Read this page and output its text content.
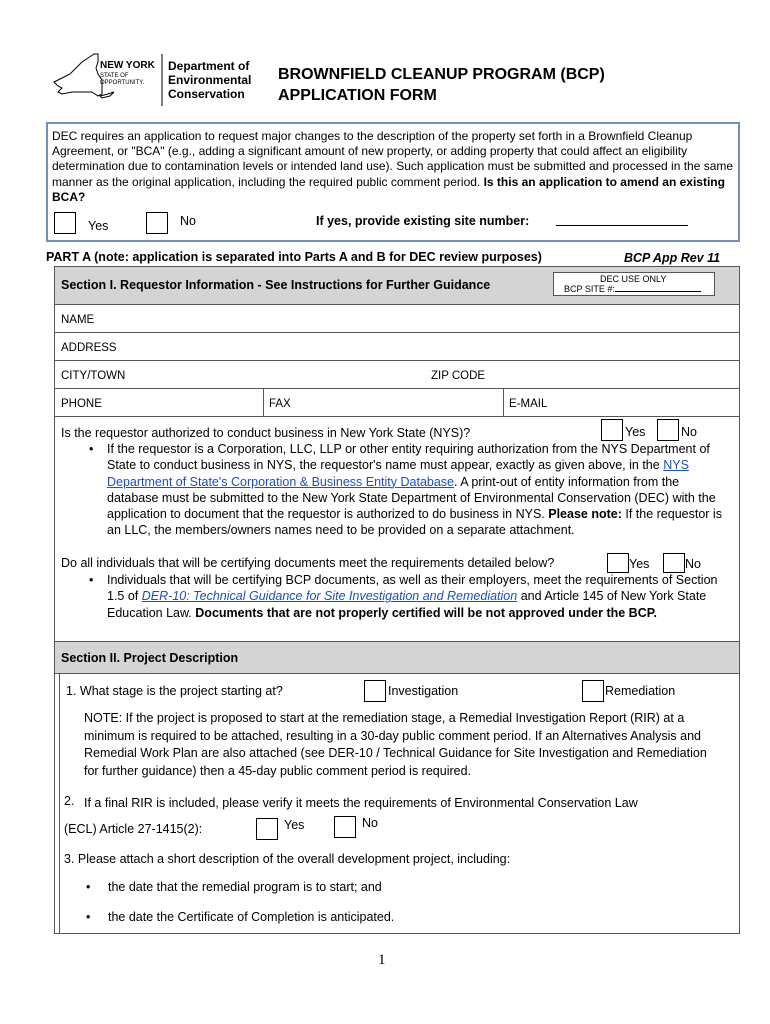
NEW YORK
STATE OF
OPPORTUNITY.
Department of
Environmental
Conservation
BROWNFIELD CLEANUP PROGRAM (BCP)
APPLICATION FORM

DEC requires an application to request major changes to the description of the property set forth in a Brownfield Cleanup Agreement, or "BCA" (e.g., adding a significant amount of new property, or adding property that could affect an eligibility determination due to contamination levels or intended land use). Such application must be submitted and processed in the same manner as the original application, including the required public comment period. Is this an application to amend an existing BCA?

Yes	No	If yes, provide existing site number:
PART A (note: application is separated into Parts A and B for DEC review purposes)	BCP App Rev 11
Section I. Requestor Information - See Instructions for Further Guidance	DEC USE ONLY
BCP SITE #:
NAME
ADDRESS
CITY/TOWN	ZIP CODE
PHONE	FAX	E-MAIL
Is the requestor authorized to conduct business in New York State (NYS)?	Yes	No
• If the requestor is a Corporation, LLC, LLP or other entity requiring authorization from the NYS Department of State to conduct business in NYS, the requestor's name must appear, exactly as given above, in the NYS Department of State's Corporation & Business Entity Database. A print-out of entity information from the database must be submitted to the New York State Department of Environmental Conservation (DEC) with the application to document that the requestor is authorized to do business in NYS. Please note: If the requestor is an LLC, the members/owners names need to be provided on a separate attachment.
Do all individuals that will be certifying documents meet the requirements detailed below?	Yes	No
• Individuals that will be certifying BCP documents, as well as their employers, meet the requirements of Section 1.5 of DER-10: Technical Guidance for Site Investigation and Remediation and Article 145 of New York State Education Law. Documents that are not properly certified will be not approved under the BCP.
Section II. Project Description
1. What stage is the project starting at?	Investigation	Remediation
NOTE: If the project is proposed to start at the remediation stage, a Remedial Investigation Report (RIR) at a minimum is required to be attached, resulting in a 30-day public comment period. If an Alternatives Analysis and Remedial Work Plan are also attached (see DER-10 / Technical Guidance for Site Investigation and Remediation for further guidance) then a 45-day public comment period is required.
2. If a final RIR is included, please verify it meets the requirements of Environmental Conservation Law
(ECL) Article 27-1415(2):	Yes	No
3. Please attach a short description of the overall development project, including:
• the date that the remedial program is to start; and
• the date the Certificate of Completion is anticipated.
1
